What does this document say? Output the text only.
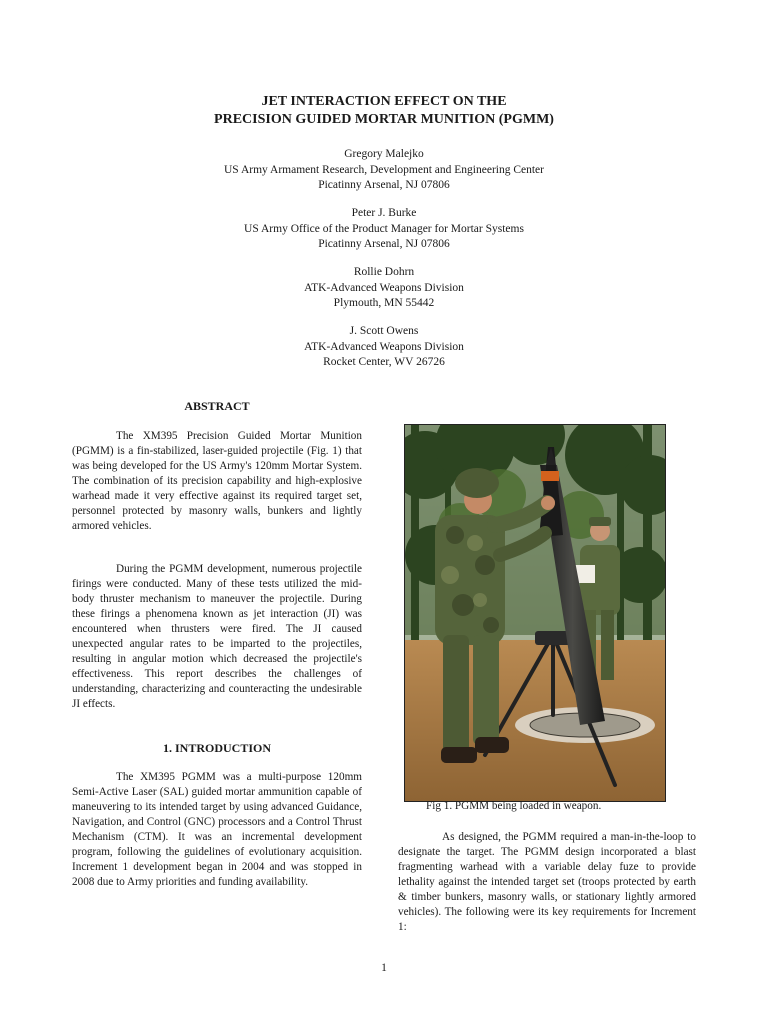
JET INTERACTION EFFECT ON THE
PRECISION GUIDED MORTAR MUNITION (PGMM)
Gregory Malejko
US Army Armament Research, Development and Engineering Center
Picatinny Arsenal, NJ 07806
Peter J. Burke
US Army Office of the Product Manager for Mortar Systems
Picatinny Arsenal, NJ 07806
Rollie Dohrn
ATK-Advanced Weapons Division
Plymouth, MN 55442
J. Scott Owens
ATK-Advanced Weapons Division
Rocket Center, WV 26726
ABSTRACT

The XM395 Precision Guided Mortar Munition (PGMM) is a fin-stabilized, laser-guided projectile (Fig. 1) that was being developed for the US Army's 120mm Mortar System. The combination of its precision capability and high-explosive warhead made it very effective against its required target set, personnel protected by masonry walls, bunkers and lightly armored vehicles.

During the PGMM development, numerous projectile firings were conducted. Many of these tests utilized the mid-body thruster mechanism to maneuver the projectile. During these firings a phenomena known as jet interaction (JI) was encountered when thrusters were fired. The JI caused unexpected angular rates to be imparted to the projectiles, resulting in angular motion which decreased the projectile's effectiveness. This report describes the challenges of understanding, characterizing and counteracting the undesirable JI effects.

1. INTRODUCTION

The XM395 PGMM was a multi-purpose 120mm Semi-Active Laser (SAL) guided mortar ammunition capable of maneuvering to its intended target by using advanced Guidance, Navigation, and Control (GNC) processors and a Control Thrust Mechanism (CTM). It was an incremental development program, following the guidelines of evolutionary acquisition. Increment 1 development began in 2004 and was stopped in 2008 due to Army priorities and funding availability.

Fig 1. PGMM being loaded in weapon.

As designed, the PGMM required a man-in-the-loop to designate the target. The PGMM design incorporated a blast fragmenting warhead with a variable delay fuze to provide lethality against the intended target set (troops protected by earth & timber bunkers, masonry walls, or stationary lightly armored vehicles). The following were its key requirements for Increment 1:

1
